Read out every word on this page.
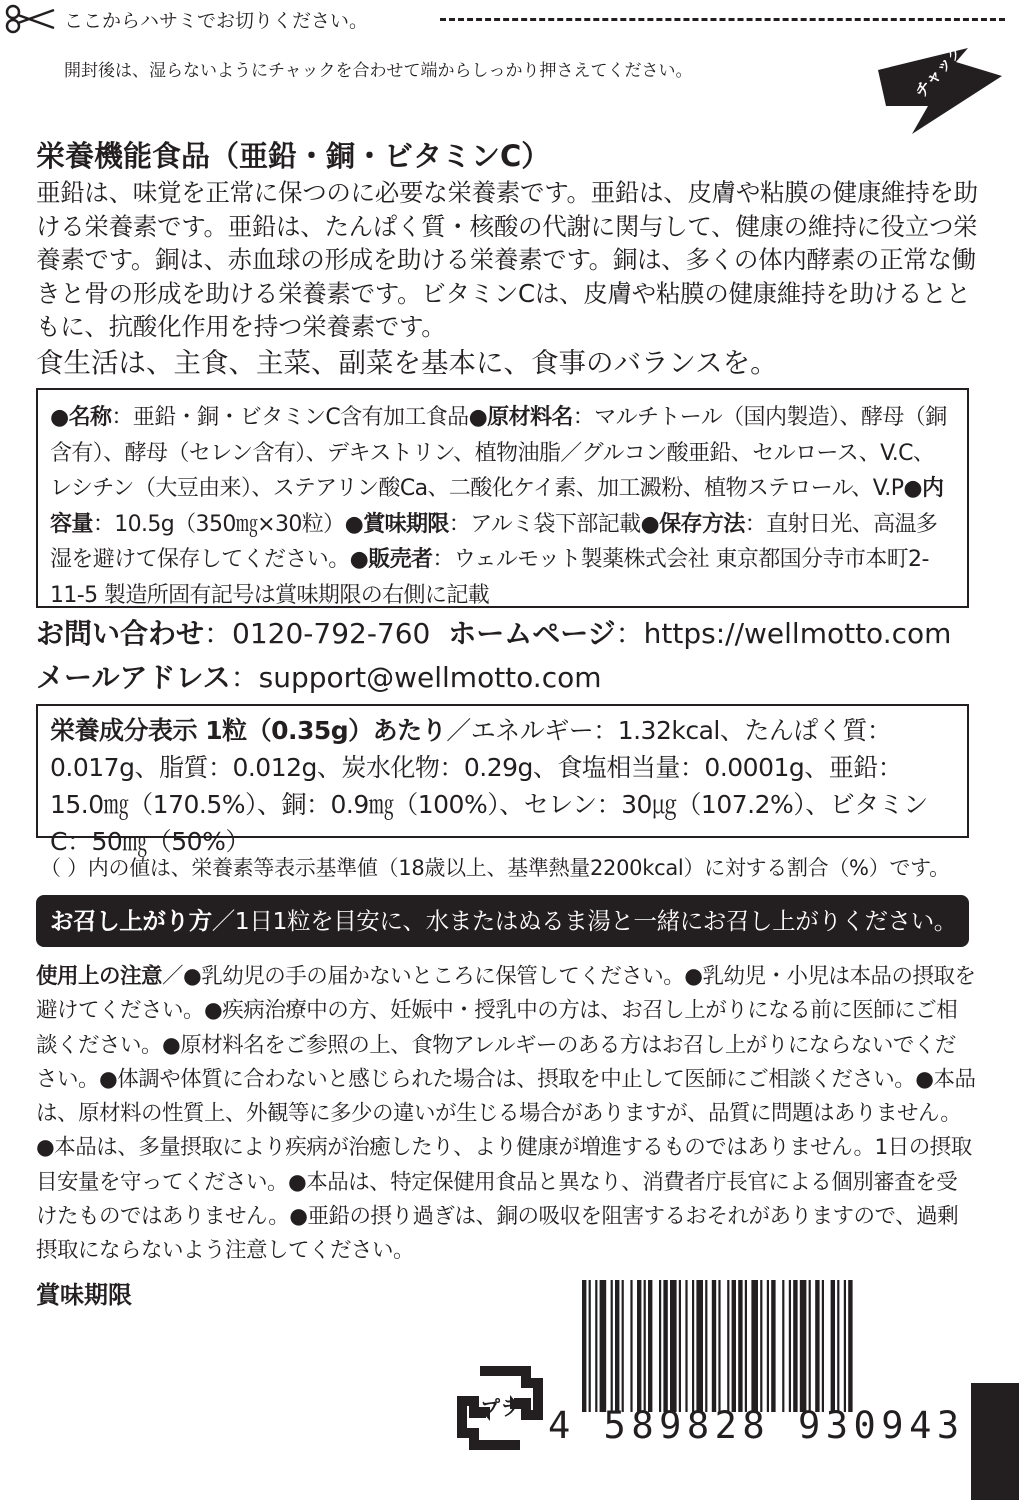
ここからハサミでお切りください。
開封後は、湿らないようにチャックを合わせて端からしっかり押さえてください。	チャック
栄養機能食品（亜鉛・銅・ビタミンC）
亜鉛は、味覚を正常に保つのに必要な栄養素です。亜鉛は、皮膚や粘膜の健康維持を助ける栄養素です。亜鉛は、たんぱく質・核酸の代謝に関与して、健康の維持に役立つ栄養素です。銅は、赤血球の形成を助ける栄養素です。銅は、多くの体内酵素の正常な働きと骨の形成を助ける栄養素です。ビタミンCは、皮膚や粘膜の健康維持を助けるとともに、抗酸化作用を持つ栄養素です。
食生活は、主食、主菜、副菜を基本に、食事のバランスを。
●名称：亜鉛・銅・ビタミンC含有加工食品●原材料名：マルチトール（国内製造）、酵母（銅含有）、酵母（セレン含有）、デキストリン、植物油脂／グルコン酸亜鉛、セルロース、V.C、レシチン（大豆由来）、ステアリン酸Ca、二酸化ケイ素、加工澱粉、植物ステロール、V.P●内容量：10.5g（350㎎×30粒）●賞味期限：アルミ袋下部記載●保存方法：直射日光、高温多湿を避けて保存してください。●販売者：ウェルモット製薬株式会社 東京都国分寺市本町2-11-5 製造所固有記号は賞味期限の右側に記載
お問い合わせ：0120-792-760 ホームページ：https://wellmotto.com
メールアドレス：support@wellmotto.com
栄養成分表示 1粒（0.35g）あたり／エネルギー：1.32kcal、たんぱく質：0.017g、脂質：0.012g、炭水化物：0.29g、食塩相当量：0.0001g、亜鉛：15.0㎎（170.5%）、銅：0.9㎎（100%）、セレン：30㎍（107.2%）、ビタミンC：50㎎（50%）
（ ）内の値は、栄養素等表示基準値（18歳以上、基準熱量2200kcal）に対する割合（%）です。
お召し上がり方／1日1粒を目安に、水またはぬるま湯と一緒にお召し上がりください。
使用上の注意／●乳幼児の手の届かないところに保管してください。●乳幼児・小児は本品の摂取を避けてください。●疾病治療中の方、妊娠中・授乳中の方は、お召し上がりになる前に医師にご相談ください。●原材料名をご参照の上、食物アレルギーのある方はお召し上がりにならないでください。●体調や体質に合わないと感じられた場合は、摂取を中止して医師にご相談ください。●本品は、原材料の性質上、外観等に多少の違いが生じる場合がありますが、品質に問題はありません。●本品は、多量摂取により疾病が治癒したり、より健康が増進するものではありません。1日の摂取目安量を守ってください。●本品は、特定保健用食品と異なり、消費者庁長官による個別審査を受けたものではありません。●亜鉛の摂り過ぎは、銅の吸収を阻害するおそれがありますので、過剰摂取にならないよう注意してください。
賞味期限
4 589828 930943
プラ
